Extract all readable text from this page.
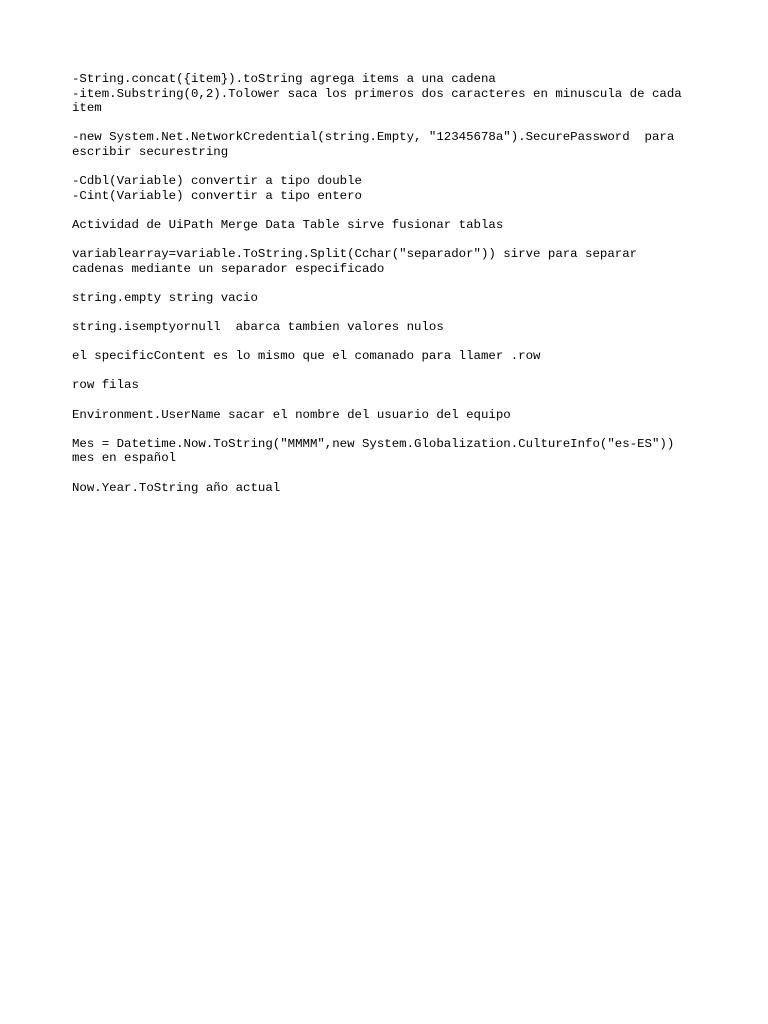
-String.concat({item}).toString agrega items a una cadena
-item.Substring(0,2).Tolower saca los primeros dos caracteres en minuscula de cada
item

-new System.Net.NetworkCredential(string.Empty, "12345678a").SecurePassword  para
escribir securestring

-Cdbl(Variable) convertir a tipo double
-Cint(Variable) convertir a tipo entero

Actividad de UiPath Merge Data Table sirve fusionar tablas

variablearray=variable.ToString.Split(Cchar("separador")) sirve para separar
cadenas mediante un separador especificado

string.empty string vacio

string.isemptyornull  abarca tambien valores nulos

el specificContent es lo mismo que el comanado para llamer .row

row filas

Environment.UserName sacar el nombre del usuario del equipo

Mes = Datetime.Now.ToString("MMMM",new System.Globalization.CultureInfo("es-ES"))
mes en español

Now.Year.ToString año actual
